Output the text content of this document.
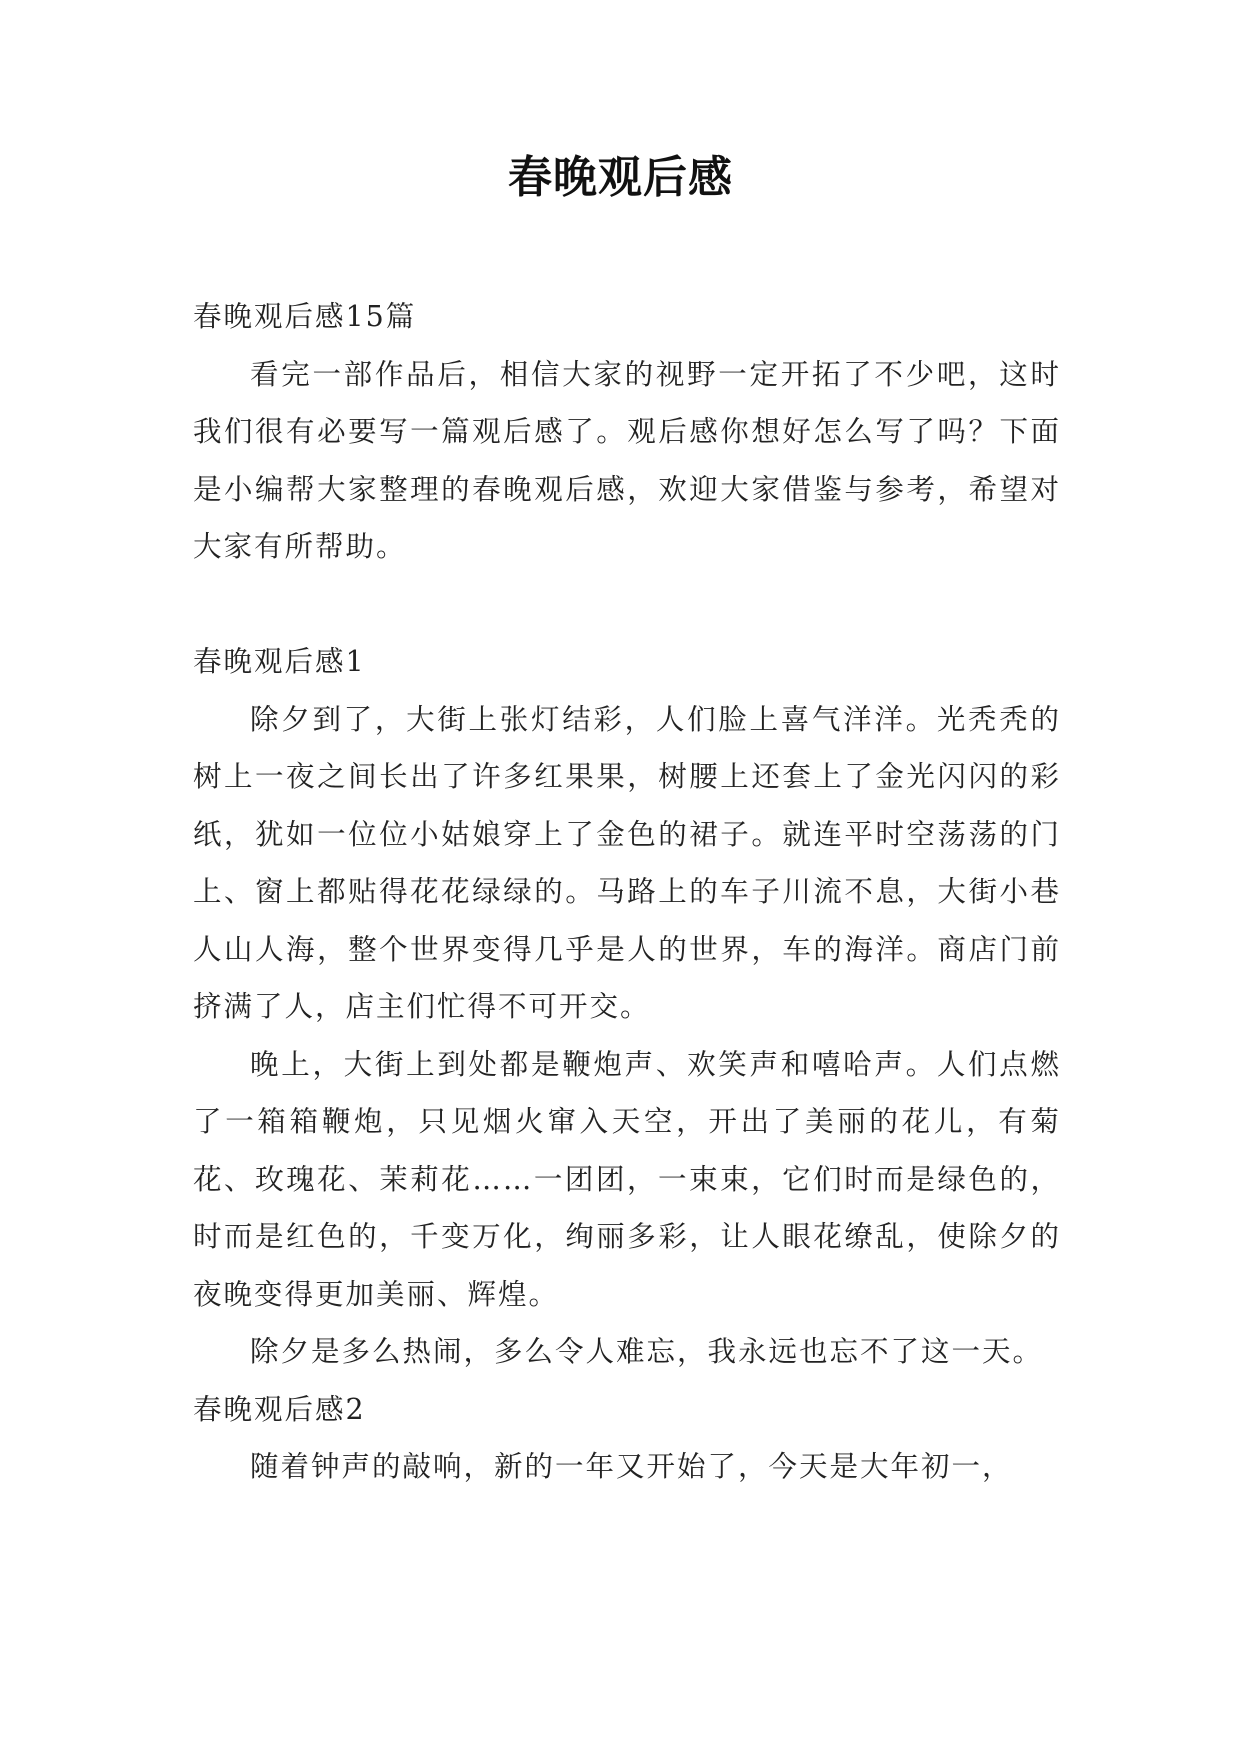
春晚观后感

春晚观后感15篇

看完一部作品后，相信大家的视野一定开拓了不少吧，这时我们很有必要写一篇观后感了。观后感你想好怎么写了吗？下面是小编帮大家整理的春晚观后感，欢迎大家借鉴与参考，希望对大家有所帮助。

春晚观后感1

除夕到了，大街上张灯结彩，人们脸上喜气洋洋。光秃秃的树上一夜之间长出了许多红果果，树腰上还套上了金光闪闪的彩纸，犹如一位位小姑娘穿上了金色的裙子。就连平时空荡荡的门上、窗上都贴得花花绿绿的。马路上的车子川流不息，大街小巷人山人海，整个世界变得几乎是人的世界，车的海洋。商店门前挤满了人，店主们忙得不可开交。

晚上，大街上到处都是鞭炮声、欢笑声和嘻哈声。人们点燃了一箱箱鞭炮，只见烟火窜入天空，开出了美丽的花儿，有菊花、玫瑰花、茉莉花……一团团，一束束，它们时而是绿色的，时而是红色的，千变万化，绚丽多彩，让人眼花缭乱，使除夕的夜晚变得更加美丽、辉煌。

除夕是多么热闹，多么令人难忘，我永远也忘不了这一天。

春晚观后感2

随着钟声的敲响，新的一年又开始了，今天是大年初一，
